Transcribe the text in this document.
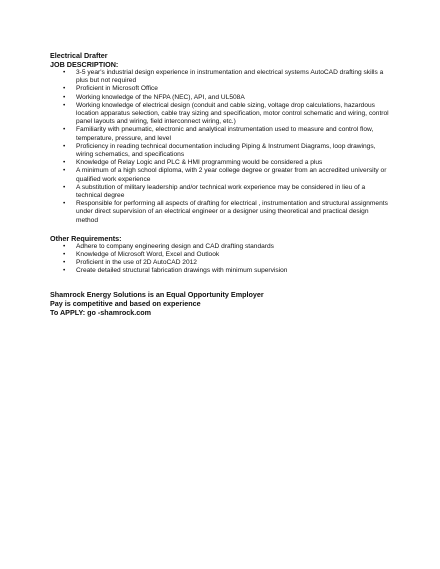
Electrical Drafter
JOB DESCRIPTION:
•	3-5 year's industrial design experience in instrumentation and electrical systems AutoCAD drafting skills a plus but not required
•	Proficient in Microsoft Office
•	Working knowledge of the NFPA (NEC), API, and UL508A
•	Working knowledge of electrical design (conduit and cable sizing, voltage drop calculations, hazardous location apparatus selection, cable tray sizing and specification, motor control schematic and wiring, control panel layouts and wiring, field interconnect wiring, etc.)
•	Familiarity with pneumatic, electronic and analytical instrumentation used to measure and control flow, temperature, pressure, and level
•	Proficiency in reading technical documentation including Piping & Instrument Diagrams, loop drawings, wiring schematics, and specifications
•	Knowledge of Relay Logic and PLC & HMI programming would be considered a plus
•	A minimum of a high school diploma, with 2 year college degree or greater from an accredited university or qualified work experience
•	A substitution of military leadership and/or technical work experience may be considered in lieu of a technical degree
•	Responsible for performing all aspects of drafting for electrical , instrumentation and structural assignments under direct supervision of an electrical engineer or a designer using theoretical and practical design method
Other Requirements:
•	Adhere to company engineering design and CAD drafting standards
•	Knowledge of Microsoft Word, Excel and Outlook
•	Proficient in the use of 2D AutoCAD 2012
•	Create detailed structural fabrication drawings with minimum supervision
Shamrock Energy Solutions is an Equal Opportunity Employer
Pay is competitive and based on experience
To APPLY: go -shamrock.com
